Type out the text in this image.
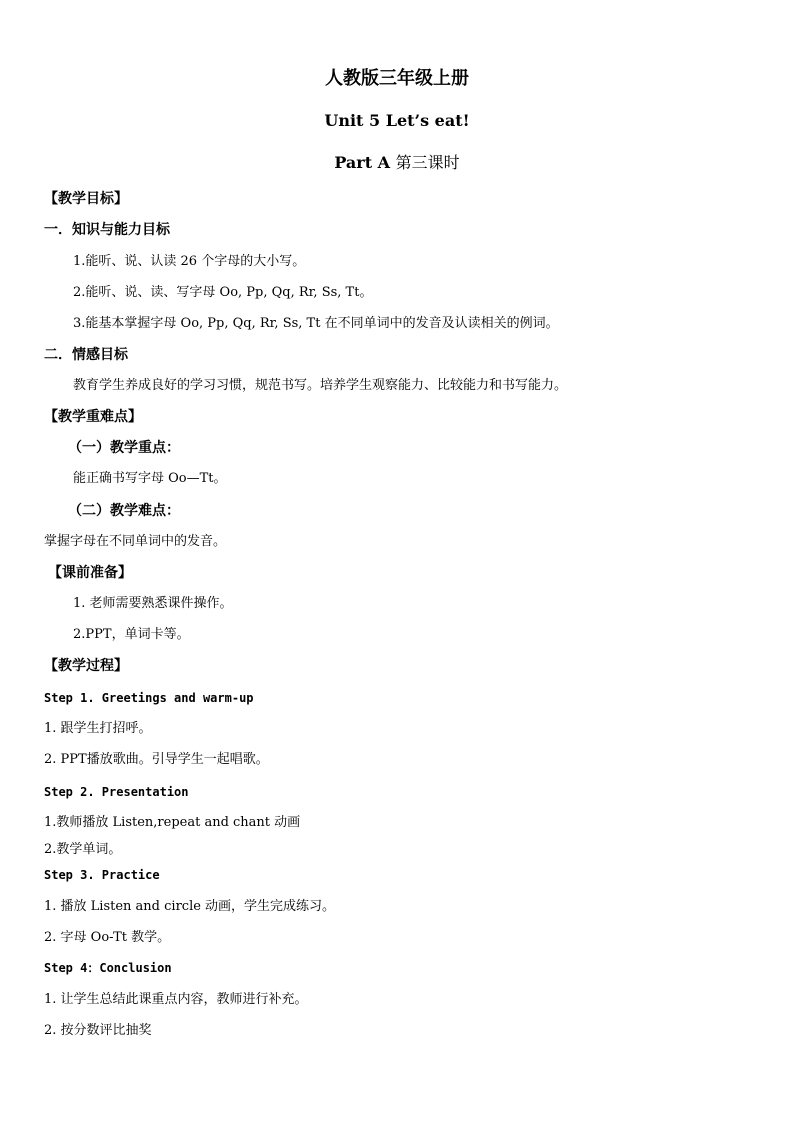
人教版三年级上册
Unit 5 Let’s eat!
Part A 第三课时
【教学目标】
一．知识与能力目标
1.能听、说、认读 26 个字母的大小写。
2.能听、说、读、写字母 Oo, Pp, Qq, Rr, Ss, Tt。
3.能基本掌握字母 Oo, Pp, Qq, Rr, Ss, Tt 在不同单词中的发音及认读相关的例词。
二．情感目标
教育学生养成良好的学习习惯，规范书写。培养学生观察能力、比较能力和书写能力。
【教学重难点】
（一）教学重点：
能正确书写字母 Oo—Tt。
（二）教学难点：
掌握字母在不同单词中的发音。
【课前准备】
1. 老师需要熟悉课件操作。
2.PPT，单词卡等。
【教学过程】
Step 1. Greetings and warm-up
1. 跟学生打招呼。
2. PPT播放歌曲。引导学生一起唱歌。
Step 2. Presentation
1.教师播放 Listen,repeat and chant 动画
2.教学单词。
Step 3. Practice
1. 播放 Listen and circle 动画，学生完成练习。
2. 字母 Oo-Tt 教学。
Step 4：Conclusion
1. 让学生总结此课重点内容，教师进行补充。
2. 按分数评比抽奖
